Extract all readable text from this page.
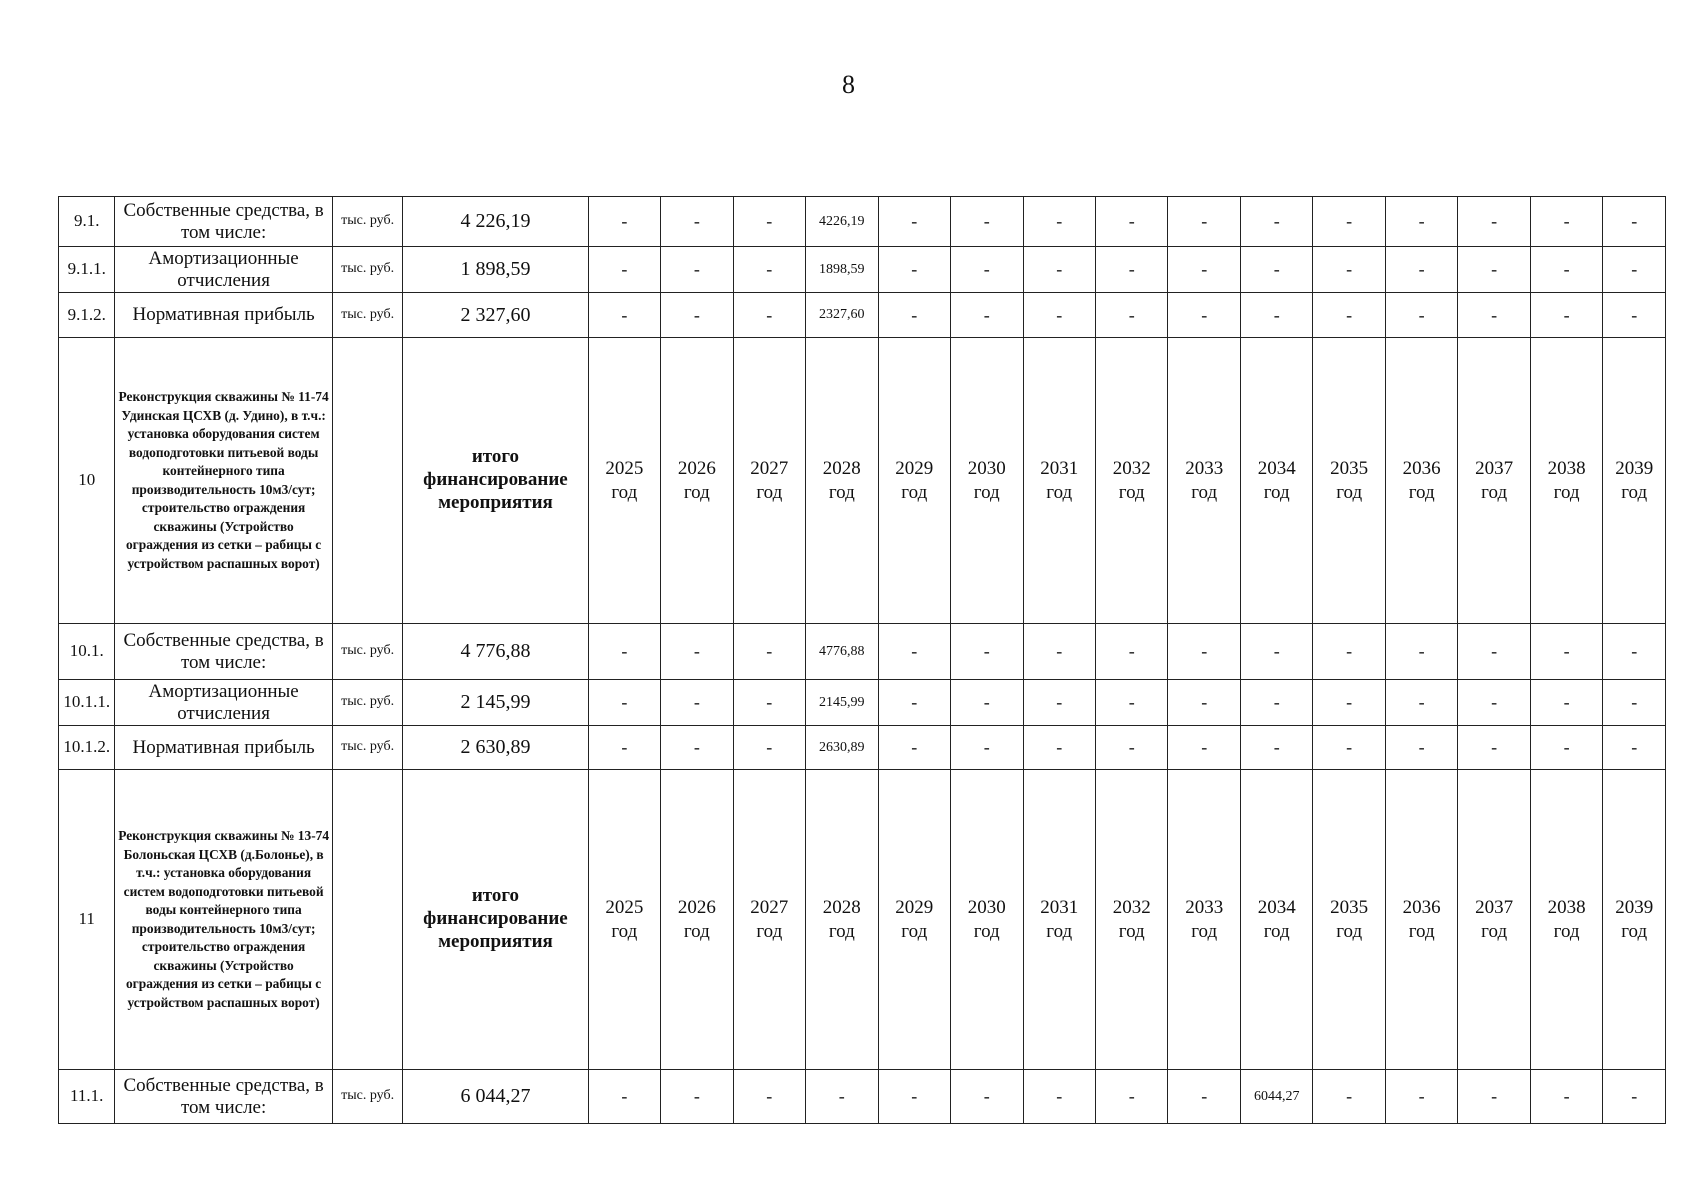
8
9.1.	Собственные средства, в том числе:	тыс. руб.	4 226,19	-	-	-	4226,19	-	-	-	-	-	-	-	-	-	-	-
9.1.1.	Амортизационные отчисления	тыс. руб.	1 898,59	-	-	-	1898,59	-	-	-	-	-	-	-	-	-	-	-
9.1.2.	Нормативная прибыль	тыс. руб.	2 327,60	-	-	-	2327,60	-	-	-	-	-	-	-	-	-	-	-
10	Реконструкция скважины № 11-74 Удинская ЦСХВ (д. Удино), в т.ч.: установка оборудования систем водоподготовки питьевой воды контейнерного типа производительность 10м3/сут; строительство ограждения скважины (Устройство ограждения из сетки – рабицы с устройством распашных ворот)		итого финансирование мероприятия	2025 год	2026 год	2027 год	2028 год	2029 год	2030 год	2031 год	2032 год	2033 год	2034 год	2035 год	2036 год	2037 год	2038 год	2039 год
10.1.	Собственные средства, в том числе:	тыс. руб.	4 776,88	-	-	-	4776,88	-	-	-	-	-	-	-	-	-	-	-
10.1.1.	Амортизационные отчисления	тыс. руб.	2 145,99	-	-	-	2145,99	-	-	-	-	-	-	-	-	-	-	-
10.1.2.	Нормативная прибыль	тыс. руб.	2 630,89	-	-	-	2630,89	-	-	-	-	-	-	-	-	-	-	-
11	Реконструкция скважины № 13-74 Болоньская ЦСХВ (д.Болонье), в т.ч.: установка оборудования систем водоподготовки питьевой воды контейнерного типа производительность 10м3/сут; строительство ограждения скважины (Устройство ограждения из сетки – рабицы с устройством распашных ворот)		итого финансирование мероприятия	2025 год	2026 год	2027 год	2028 год	2029 год	2030 год	2031 год	2032 год	2033 год	2034 год	2035 год	2036 год	2037 год	2038 год	2039 год
11.1.	Собственные средства, в том числе:	тыс. руб.	6 044,27	-	-	-	-	-	-	-	-	-	6044,27	-	-	-	-	-
